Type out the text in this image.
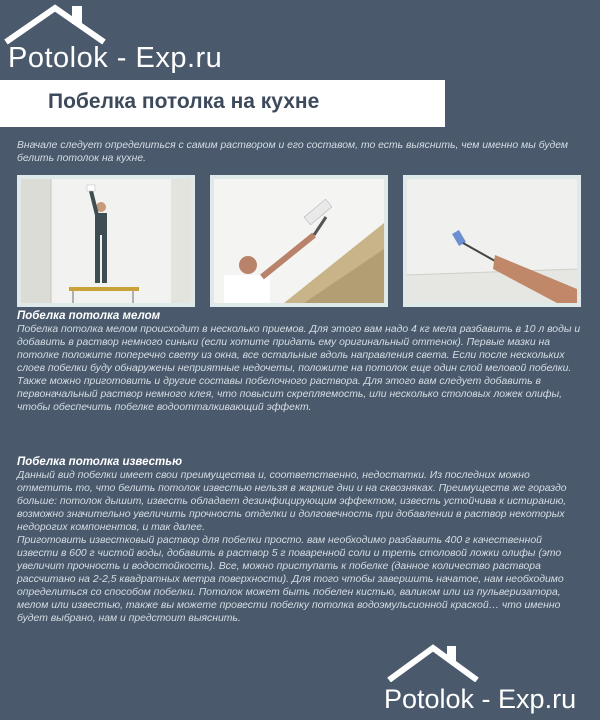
Potolok - Exp.ru
Побелка потолка на кухне
Вначале следует определиться с самим раствором и его составом, то есть выяснить, чем именно мы будем белить потолок на кухне.
Побелка потолка мелом

Побелка потолка мелом происходит в несколько приемов. Для этого вам надо 4 кг мела разбавить в 10 л воды и добавить в раствор немного синьки (если хотите придать ему оригинальный оттенок). Первые мазки на потолке положите поперечно свету из окна, все остальные вдоль направления света. Если после нескольких слоев побелки буду обнаружены неприятные недочеты, положите на потолок еще один слой меловой побелки.

Также можно приготовить и другие составы побелочного раствора. Для этого вам следует добавить в первоначальный раствор немного клея, что повысит скрепляемость, или несколько столовых ложек олифы, чтобы обеспечить побелке водоотталкивающий эффект.

Побелка потолка известью

Данный вид побелки имеет свои преимущества и, соответственно, недостатки. Из последних можно отметить то, что белить потолок известью нельзя в жаркие дни и на сквозняках. Преимуществ же гораздо больше: потолок дышит, известь обладает дезинфицирующим эффектом, известь устойчива к истиранию, возможно значительно увеличить прочность отделки и долговечность при добавлении в раствор некоторых недорогих компонентов, и так далее.

Приготовить известковый раствор для побелки просто. вам необходимо разбавить 400 г качественной извести в 600 г чистой воды, добавить в раствор 5 г поваренной соли и треть столовой ложки олифы (это увеличит прочность и водостойкость). Все, можно приступать к побелке (данное количество раствора рассчитано на 2-2,5 квадратных метра поверхности). Для того чтобы завершить начатое, нам необходимо определиться со способом побелки. Потолок может быть побелен кистью, валиком или из пульверизатора, мелом или известью, также вы можете провести побелку потолка водоэмульсионной краской… что именно будет выбрано, нам и предстоит выяснить.

Potolok - Exp.ru
